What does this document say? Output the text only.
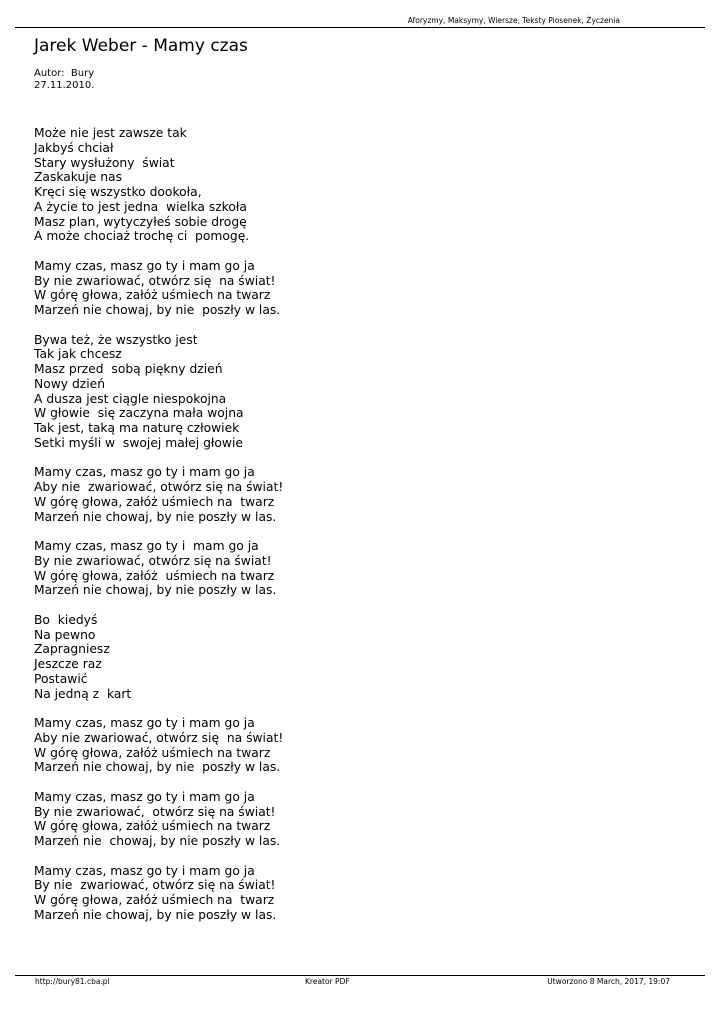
Aforyzmy, Maksymy, Wiersze, Teksty Piosenek, Życzenia
Jarek Weber - Mamy czas
Autor:  Bury
27.11.2010.
Może nie jest zawsze tak
Jakbyś chciał
Stary wysłużony  świat
Zaskakuje nas
Kręci się wszystko dookoła,
A życie to jest jedna  wielka szkoła
Masz plan, wytyczyłeś sobie drogę
A może chociaż trochę ci  pomogę.
Mamy czas, masz go ty i mam go ja
By nie zwariować, otwórz się  na świat!
W górę głowa, załóż uśmiech na twarz
Marzeń nie chowaj, by nie  poszły w las.
Bywa też, że wszystko jest
Tak jak chcesz
Masz przed  sobą piękny dzień
Nowy dzień
A dusza jest ciągle niespokojna
W głowie  się zaczyna mała wojna
Tak jest, taką ma naturę człowiek
Setki myśli w  swojej małej głowie
Mamy czas, masz go ty i mam go ja
Aby nie  zwariować, otwórz się na świat!
W górę głowa, załóż uśmiech na  twarz
Marzeń nie chowaj, by nie poszły w las.
Mamy czas, masz go ty i  mam go ja
By nie zwariować, otwórz się na świat!
W górę głowa, załóż  uśmiech na twarz
Marzeń nie chowaj, by nie poszły w las.
Bo  kiedyś
Na pewno
Zapragniesz
Jeszcze raz
Postawić
Na jedną z  kart
Mamy czas, masz go ty i mam go ja
Aby nie zwariować, otwórz się  na świat!
W górę głowa, załóż uśmiech na twarz
Marzeń nie chowaj, by nie  poszły w las.
Mamy czas, masz go ty i mam go ja
By nie zwariować,  otwórz się na świat!
W górę głowa, załóż uśmiech na twarz
Marzeń nie  chowaj, by nie poszły w las.
Mamy czas, masz go ty i mam go ja
By nie  zwariować, otwórz się na świat!
W górę głowa, załóż uśmiech na  twarz
Marzeń nie chowaj, by nie poszły w las.
http://bury81.cba.pl	Kreator PDF	Utworzono 8 March, 2017, 19:07
